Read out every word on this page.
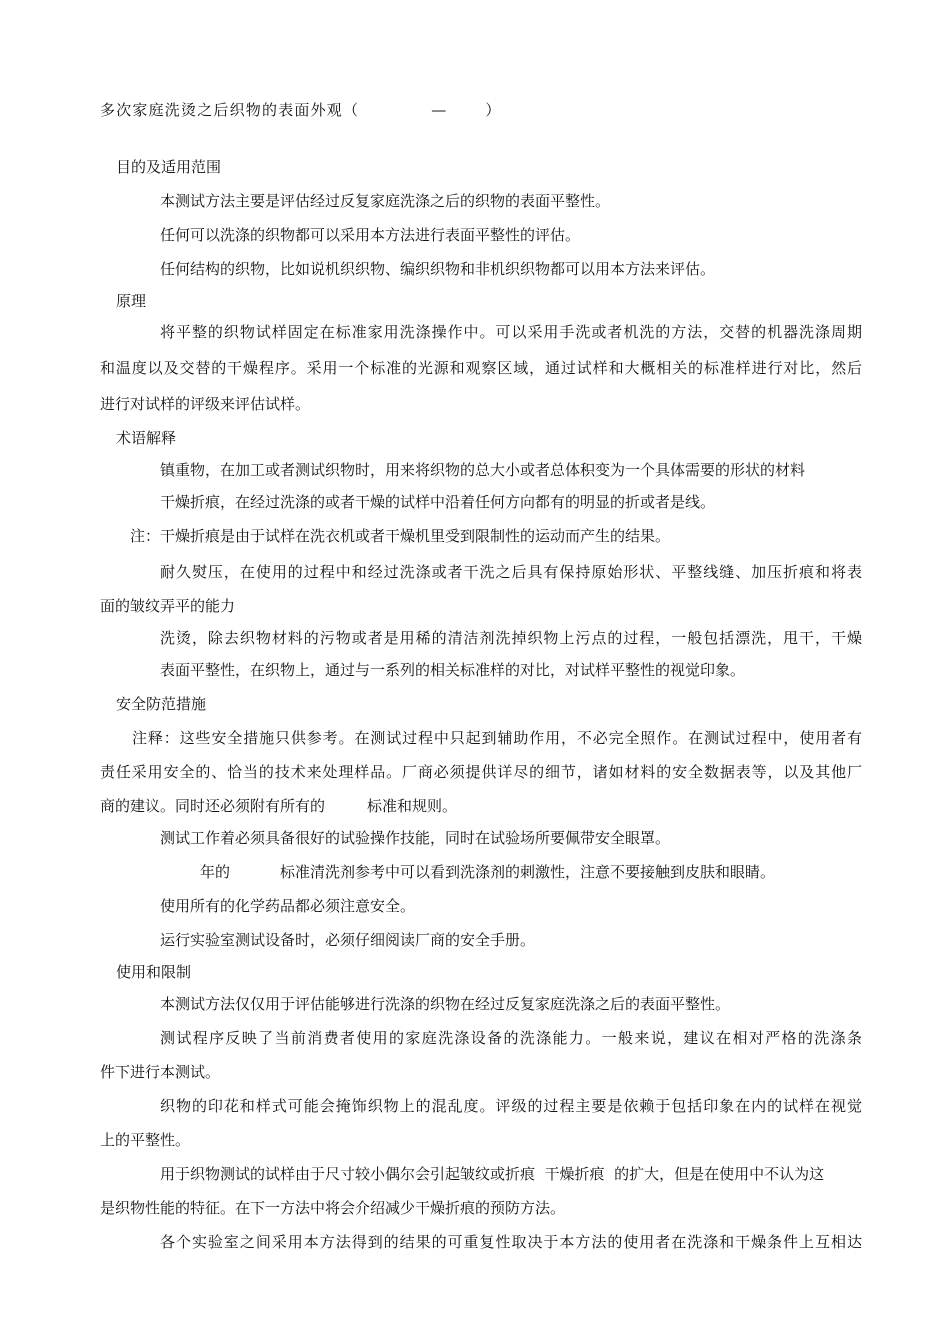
多次家庭洗烫之后织物的表面外观（	—	）
目的及适用范围
本测试方法主要是评估经过反复家庭洗涤之后的织物的表面平整性。
任何可以洗涤的织物都可以采用本方法进行表面平整性的评估。
任何结构的织物，比如说机织织物、编织织物和非机织织物都可以用本方法来评估。
原理
将平整的织物试样固定在标准家用洗涤操作中。可以采用手洗或者机洗的方法，交替的机器洗涤周期
和温度以及交替的干燥程序。采用一个标准的光源和观察区域，通过试样和大概相关的标准样进行对比，然后
进行对试样的评级来评估试样。
术语解释
镇重物，在加工或者测试织物时，用来将织物的总大小或者总体积变为一个具体需要的形状的材料
干燥折痕，在经过洗涤的或者干燥的试样中沿着任何方向都有的明显的折或者是线。
注：干燥折痕是由于试样在洗衣机或者干燥机里受到限制性的运动而产生的结果。
耐久熨压，在使用的过程中和经过洗涤或者干洗之后具有保持原始形状、平整线缝、加压折痕和将表
面的皱纹弄平的能力
洗烫，除去织物材料的污物或者是用稀的清洁剂洗掉织物上污点的过程，一般包括漂洗，甩干，干燥
表面平整性，在织物上，通过与一系列的相关标准样的对比，对试样平整性的视觉印象。
安全防范措施
注释：这些安全措施只供参考。在测试过程中只起到辅助作用，不必完全照作。在测试过程中，使用者有
责任采用安全的、恰当的技术来处理样品。厂商必须提供详尽的细节，诸如材料的安全数据表等，以及其他厂
商的建议。同时还必须附有所有的	标准和规则。
测试工作着必须具备很好的试验操作技能，同时在试验场所要佩带安全眼罩。
年的	标准清洗剂参考中可以看到洗涤剂的刺激性，注意不要接触到皮肤和眼睛。
使用所有的化学药品都必须注意安全。
运行实验室测试设备时，必须仔细阅读厂商的安全手册。
使用和限制
本测试方法仅仅用于评估能够进行洗涤的织物在经过反复家庭洗涤之后的表面平整性。
测试程序反映了当前消费者使用的家庭洗涤设备的洗涤能力。一般来说，建议在相对严格的洗涤条
件下进行本测试。
织物的印花和样式可能会掩饰织物上的混乱度。评级的过程主要是依赖于包括印象在内的试样在视觉
上的平整性。
用于织物测试的试样由于尺寸较小偶尔会引起皱纹或折痕  干燥折痕  的扩大，但是在使用中不认为这
是织物性能的特征。在下一方法中将会介绍减少干燥折痕的预防方法。
各个实验室之间采用本方法得到的结果的可重复性取决于本方法的使用者在洗涤和干燥条件上互相达
